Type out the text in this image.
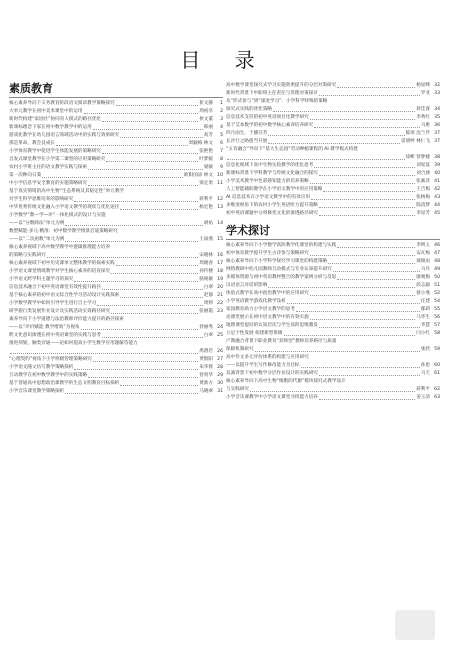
目 录
素质教育
核心素养导向下义务教育阶段语文阅读教学策略探究	崔文静	1
大单元教学在初中美术课堂中的运用	周裕享	2
新时代构建“家园社”协同育人模式的路径优化	侯文董	3
新课标理念下家在初中数学教学中的运用	韩丽	4
游戏化教学在幼儿园语言领域活动中的实践与效果研究	高芳	5
那是革命，教会良成长	周颖梅 林文	6
小学体育教学中促进学生体能发展的策略研究	张艳艳	7
自发式课堂教学在小学第二课型的应用策略研究	叶梦媛	8
农村小学班主任的语文教学实践与探索	梁敏	9
第一次种向日葵	欧阳国添 林文 10
中小学信息学安全教育的实施策略研究	梁定勇 11
基于真实情境的高中生物“生态系统及其稳定性”单元教学
对学生科学思维培养的影响研究	蒋利平 12
中华优秀传统文化融入小学语文教学的现状与优化途径	杨宏艳 13
小学数学“教—学—评”一体化模式的设计与实施
——以“分数除法”单元为例	胡祐 14
数塑赋能·多元·精准：初中数学教学情景启迪策略研究
——以“二次函数”单元为例	王雨燕 15
核心素养视域下高中数学教学中逻辑推理能力培养
的策略与实践研究	宋晓林 16
核心素养视域下初中历史课单元整体教学的探索实践	周晓春 17
小学语文课堂情境教学对学生核心素养的培育探究	孙传楼 18
小学语文跨学科主题学习的探究	骆俊敏 19
信息技术融合下初中英语课堂有效性提升路径	白翠 20
基于核心素养的初中语文综合性学习活动设计实践探索	赵郁 21
小学数学教学中如何引导学生进行自主学习	周则 22
研学旅行类发展作业设计及实践活动实效路径研究	张丽霞 23
素养导向下小学道德与法治教师评价能力提升的路径探索
——以“评价赋能 教学增效”为视角	曾丽秀 24
跨文化意识渗透在初中英语课堂的实践与思考	白翠 25
推进刻划，触类旁通——论如何提高小学生数学应用题解答能力
禹潜若 26
“心理契约”视角下小学班级管理策略研究	贾银阳 27
小学语文随文仿写教学策略探析	朱华蓉 28
互动教学在初中数学教学中的实践策略	曾勇华 29
基于普通高中思想政治课教学的生态文明教育目标探析	黄新方 30
小学音乐课堂教学策略探析	马晓翠 31
高中数学课堂探究式学习实施效果提升的分层对策研究	杨星峰 32
新时代背景下中职班主任责任与管理对策探讨	罗亚 33
从“形式参与”到“深度学习”：小学科学特殊的策略
探究式实践的优化策略	蒋佳睿 34
信息技术支持的初中英语项目化教学研究	李秀红 35
基于艾本数学的初中数学核心素养培养研究	马惠 36
四月雨生，于播芬芳	陈瑶 沈兰芹 37
长沙行之路值当开展	雷僖婷 林仁飞 37
“五育融合”导向下“基大生态园”劳动种植课程的 AI 教学模式构建
徐彬 曾梦婕 38
信息化视域下高中生物实验教学的优化思考	刘家宴 39
新课标背景下学科教学与传统文化融合的探究	刘合涵 40
小学美术教学中色彩感知能力的培养策略	张素萍 41
人工智能辅助教学在小学语文教学中的应用策略	王吉梅 42
AI 信息技术在小学语文教学中的有效应用	张杨梅 43
多维度视角下的农村小学生英语听力提升策略	陈清梦 44
初中英语课题中分将修优文化的渗透路径研究	李显芳 45
学术探讨
核心素养导向下小学数学高阶教学化课堂的构建与实践	李明玉 46
初中体育教学提升学生古诗参与策略研究	安瓦梅 47
核心素养导向下小学科学探究学习课堂的构建策略	郝俊雨 48
网络教研中幼儿园教师互动模式与专业认知提升研究	马丹 49
多媒体资源与初中英语教材整合的教学案例分析与反思	廖观梅 50
汉语语言对话的影响	段志毅 51
体验式教学在高中政治教学中的应用研究	蔡小燕 52
小学英语教学游戏化教学浅析	任建 54
家园教育助力小学语文教学的思考	鄢莉 55
论课堂展示在初中语文教学中的有效实施	马华生 56
地理课堂提问的认知层次与学生高阶思维激发	李慧 57
立足个性发展 构建新型班级	闫小红 58
产教融合背景下职业教育“双师型”教师培养路径与质量
保障机制研究	张欣 59
高中作文多元评价体系的构建与应用研究
——以提升学生写作修改能力为目标	孙思 60
双减背景下初中数学分层作业设计的实践研究	马天 61
核心素养导向下高中生物“细胞的代谢”模块探究式教学设计
与实践研究	蒋利平 62
小学音乐课教学中小学语文课堂寻找能力培养	姜玉清 63
